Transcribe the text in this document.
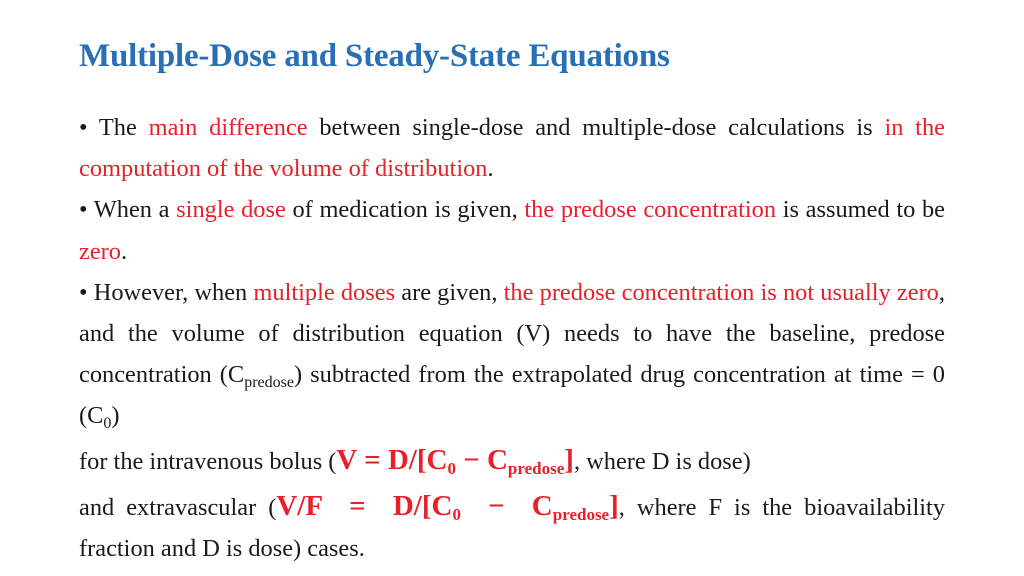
Multiple-Dose and Steady-State Equations

• The main difference between single-dose and multiple-dose calculations is in the computation of the volume of distribution.

• When a single dose of medication is given, the predose concentration is assumed to be zero.

• However, when multiple doses are given, the predose concentration is not usually zero, and the volume of distribution equation (V) needs to have the baseline, predose concentration $(C_{predose})$ subtracted from the extrapolated drug concentration at time = 0 $(C_0)$

for the intravenous bolus ($V = D/[C_0 - C_{predose}]$, where D is dose)

and extravascular ($V/F = D/[C_0 - C_{predose}]$, where F is the bioavailability fraction and D is dose) cases.
